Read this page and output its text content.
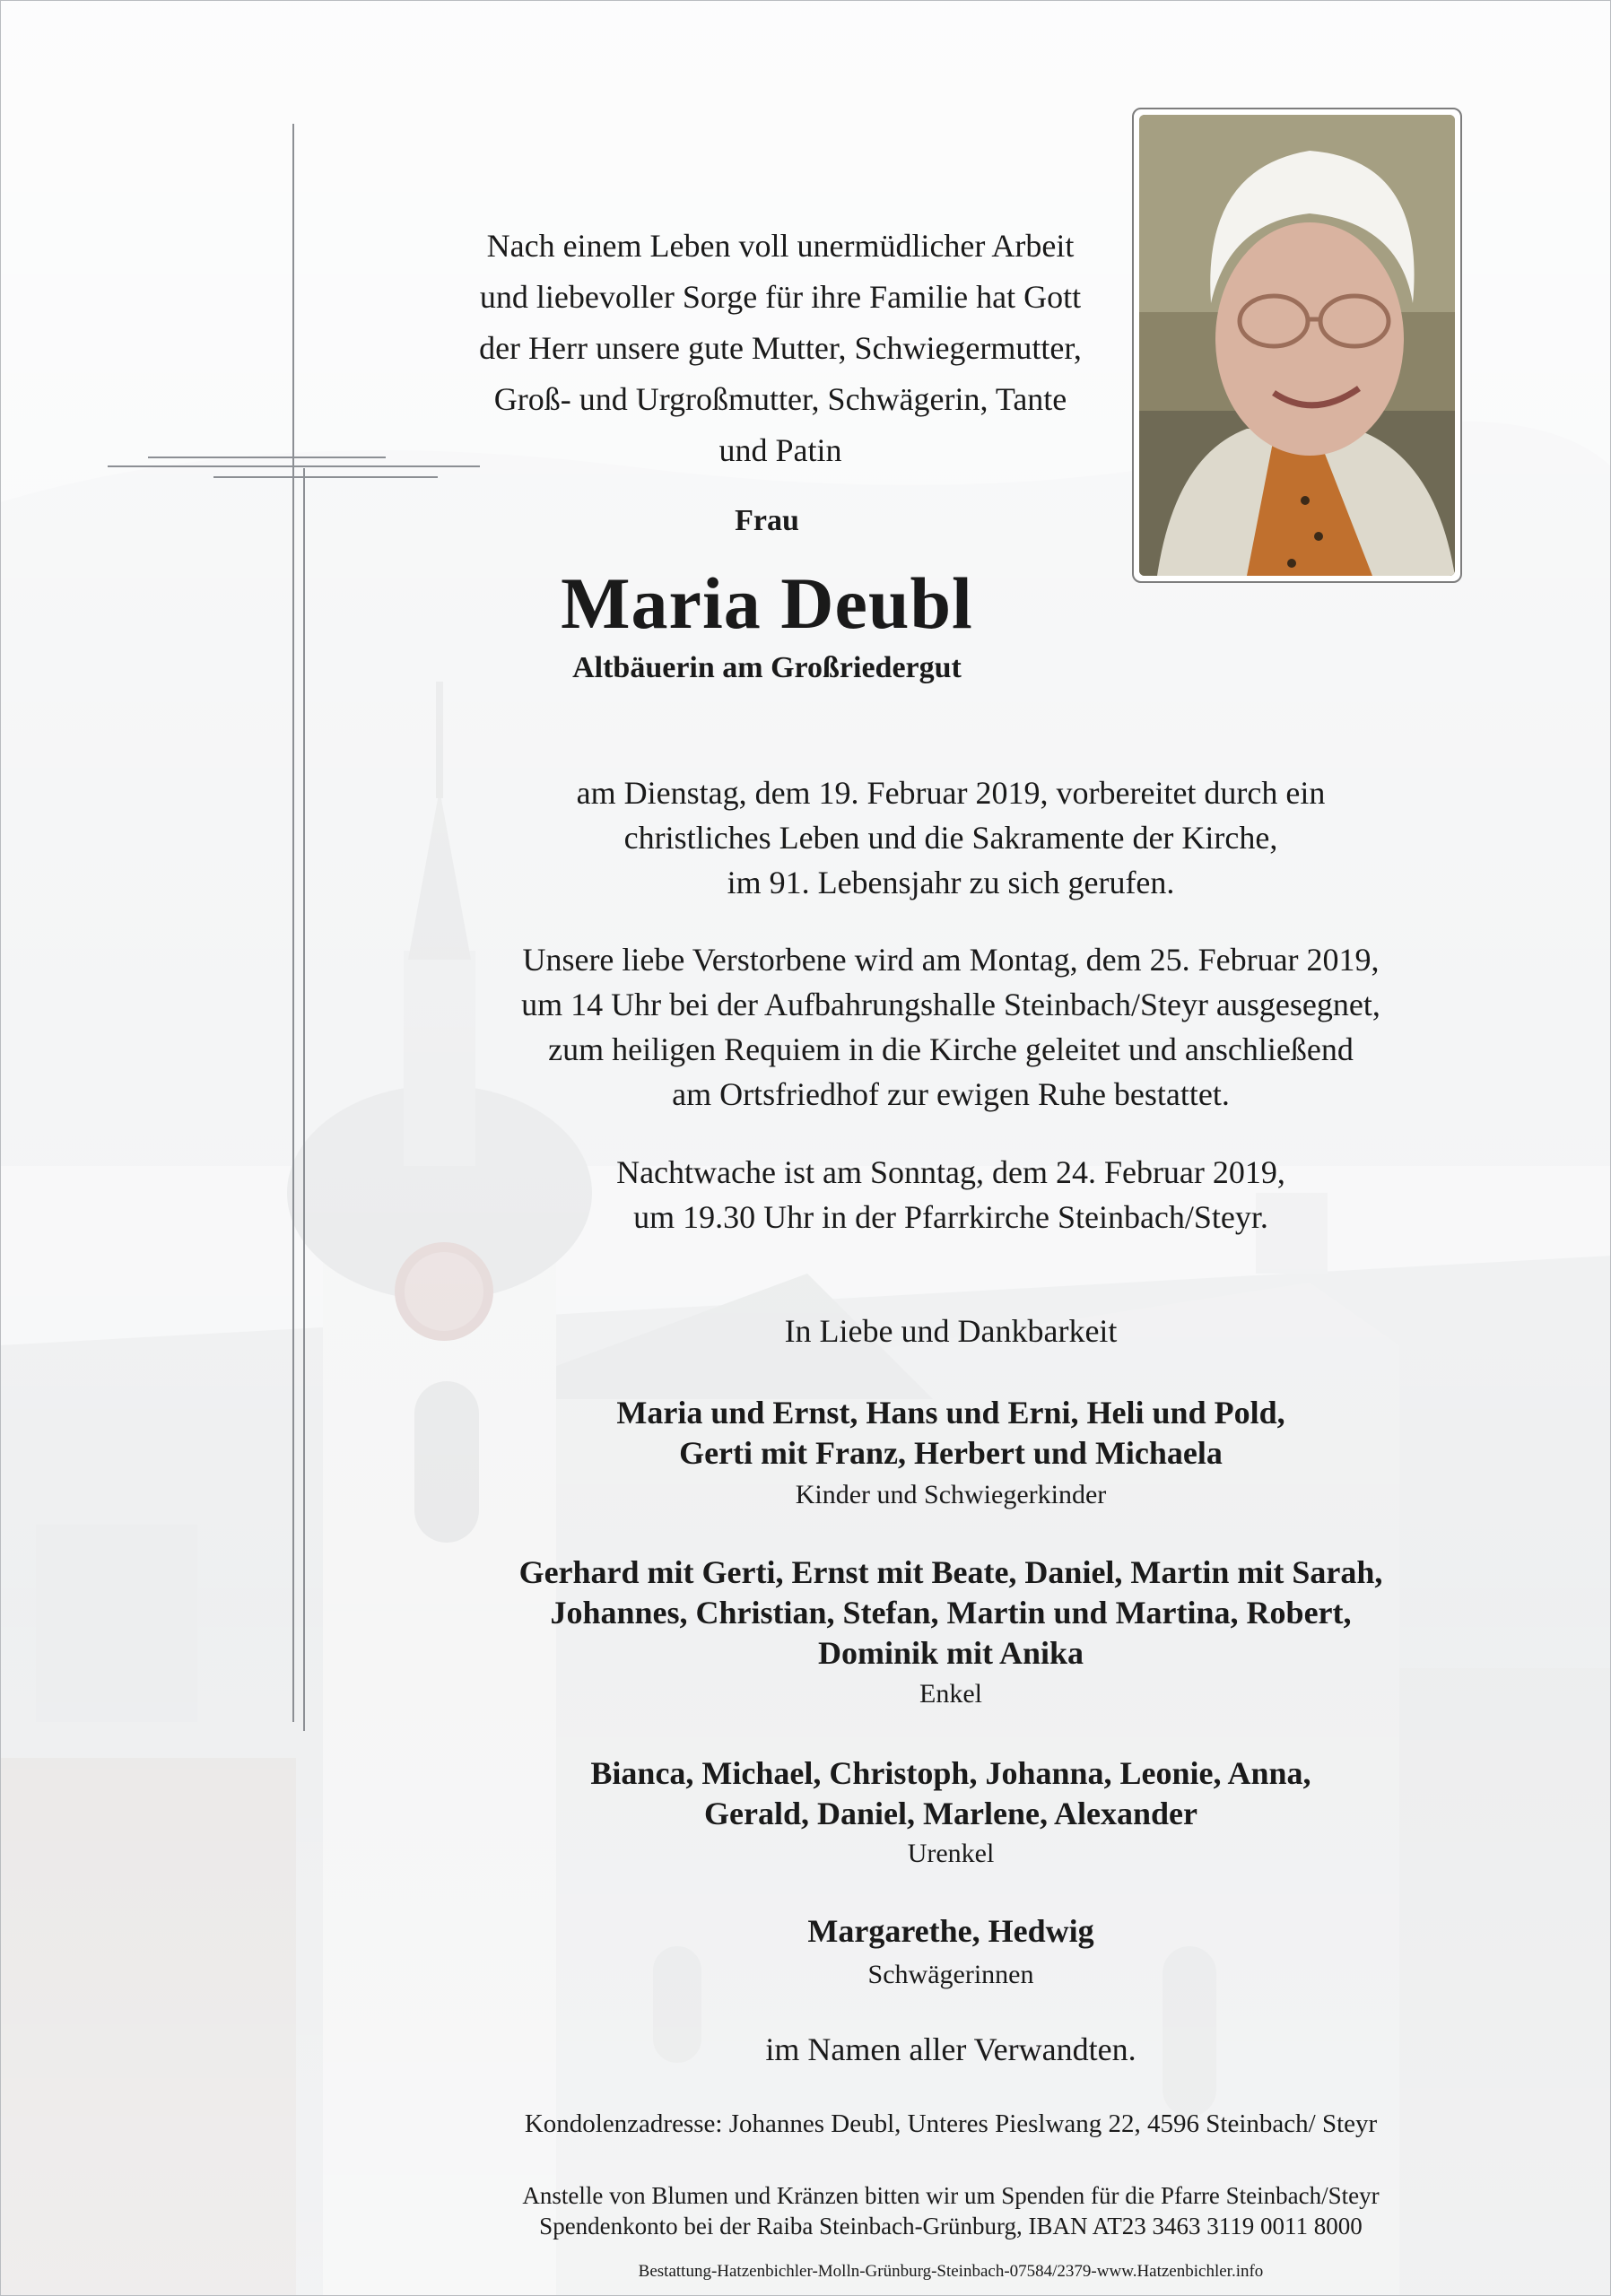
Nach einem Leben voll unermüdlicher Arbeit
und liebevoller Sorge für ihre Familie hat Gott
der Herr unsere gute Mutter, Schwiegermutter,
Groß- und Urgroßmutter, Schwägerin, Tante
und Patin
Frau
Maria Deubl
Altbäuerin am Großriedergut
am Dienstag, dem 19. Februar 2019, vorbereitet durch ein
christliches Leben und die Sakramente der Kirche,
im 91. Lebensjahr zu sich gerufen.
Unsere liebe Verstorbene wird am Montag, dem 25. Februar 2019,
um 14 Uhr bei der Aufbahrungshalle Steinbach/Steyr ausgesegnet,
zum heiligen Requiem in die Kirche geleitet und anschließend
am Ortsfriedhof zur ewigen Ruhe bestattet.
Nachtwache ist am Sonntag, dem 24. Februar 2019,
um 19.30 Uhr in der Pfarrkirche Steinbach/Steyr.
In Liebe und Dankbarkeit
Maria und Ernst, Hans und Erni, Heli und Pold,
Gerti mit Franz, Herbert und Michaela
Kinder und Schwiegerkinder
Gerhard mit Gerti, Ernst mit Beate, Daniel, Martin mit Sarah,
Johannes, Christian, Stefan, Martin und Martina, Robert,
Dominik mit Anika
Enkel
Bianca, Michael, Christoph, Johanna, Leonie, Anna,
Gerald, Daniel, Marlene, Alexander
Urenkel
Margarethe, Hedwig
Schwägerinnen
im Namen aller Verwandten.
Kondolenzadresse: Johannes Deubl, Unteres Pieslwang 22, 4596 Steinbach/ Steyr
Anstelle von Blumen und Kränzen bitten wir um Spenden für die Pfarre Steinbach/Steyr
Spendenkonto bei der Raiba Steinbach-Grünburg, IBAN AT23 3463 3119 0011 8000
Bestattung-Hatzenbichler-Molln-Grünburg-Steinbach-07584/2379-www.Hatzenbichler.info
